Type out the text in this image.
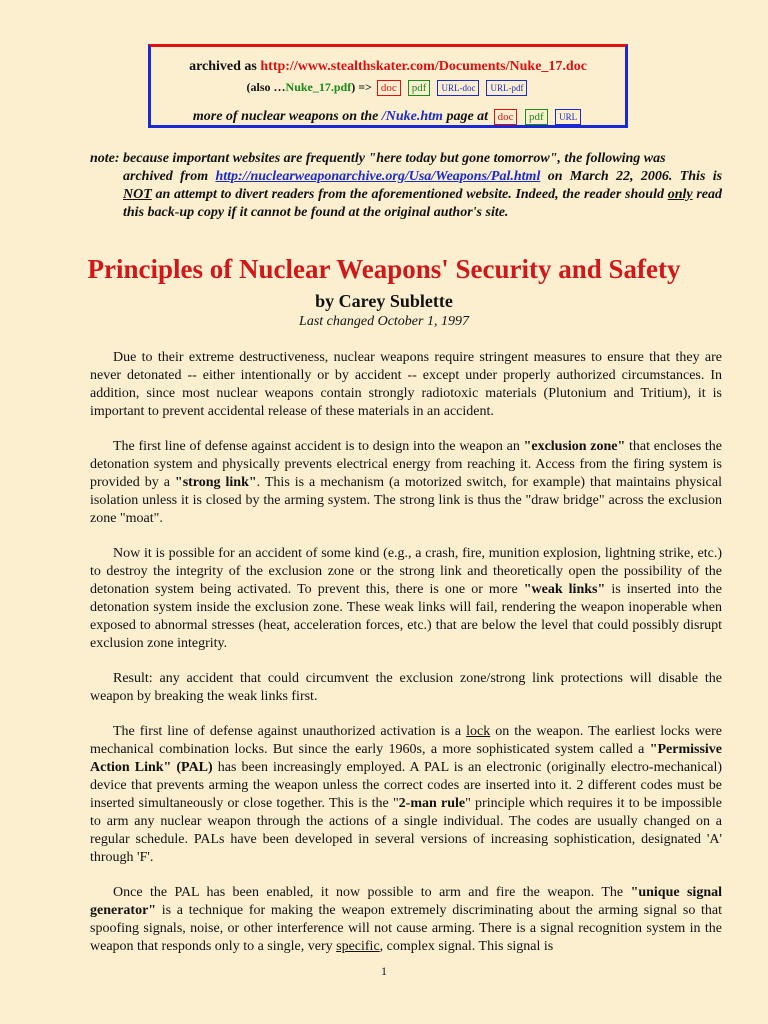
archived as http://www.stealthskater.com/Documents/Nuke_17.doc
(also …Nuke_17.pdf) => doc pdf URL-doc URL-pdf
more of nuclear weapons on the /Nuke.htm page at doc pdf URL
note: because important websites are frequently "here today but gone tomorrow", the following was
archived from http://nuclearweaponarchive.org/Usa/Weapons/Pal.html on March 22, 2006. This is NOT an attempt to divert readers from the aforementioned website. Indeed, the reader should only read this back-up copy if it cannot be found at the original author's site.
Principles of Nuclear Weapons' Security and Safety
by Carey Sublette
Last changed October 1, 1997

Due to their extreme destructiveness, nuclear weapons require stringent measures to ensure that they are never detonated -- either intentionally or by accident -- except under properly authorized circumstances. In addition, since most nuclear weapons contain strongly radiotoxic materials (Plutonium and Tritium), it is important to prevent accidental release of these materials in an accident.

The first line of defense against accident is to design into the weapon an "exclusion zone" that encloses the detonation system and physically prevents electrical energy from reaching it. Access from the firing system is provided by a "strong link". This is a mechanism (a motorized switch, for example) that maintains physical isolation unless it is closed by the arming system. The strong link is thus the "draw bridge" across the exclusion zone "moat".

Now it is possible for an accident of some kind (e.g., a crash, fire, munition explosion, lightning strike, etc.) to destroy the integrity of the exclusion zone or the strong link and theoretically open the possibility of the detonation system being activated. To prevent this, there is one or more "weak links" is inserted into the detonation system inside the exclusion zone. These weak links will fail, rendering the weapon inoperable when exposed to abnormal stresses (heat, acceleration forces, etc.) that are below the level that could possibly disrupt exclusion zone integrity.

Result: any accident that could circumvent the exclusion zone/strong link protections will disable the weapon by breaking the weak links first.

The first line of defense against unauthorized activation is a lock on the weapon. The earliest locks were mechanical combination locks. But since the early 1960s, a more sophisticated system called a "Permissive Action Link" (PAL) has been increasingly employed. A PAL is an electronic (originally electro-mechanical) device that prevents arming the weapon unless the correct codes are inserted into it. 2 different codes must be inserted simultaneously or close together. This is the "2-man rule" principle which requires it to be impossible to arm any nuclear weapon through the actions of a single individual. The codes are usually changed on a regular schedule. PALs have been developed in several versions of increasing sophistication, designated 'A' through 'F'.

Once the PAL has been enabled, it now possible to arm and fire the weapon. The "unique signal generator" is a technique for making the weapon extremely discriminating about the arming signal so that spoofing signals, noise, or other interference will not cause arming. There is a signal recognition system in the weapon that responds only to a single, very specific, complex signal. This signal is

1
